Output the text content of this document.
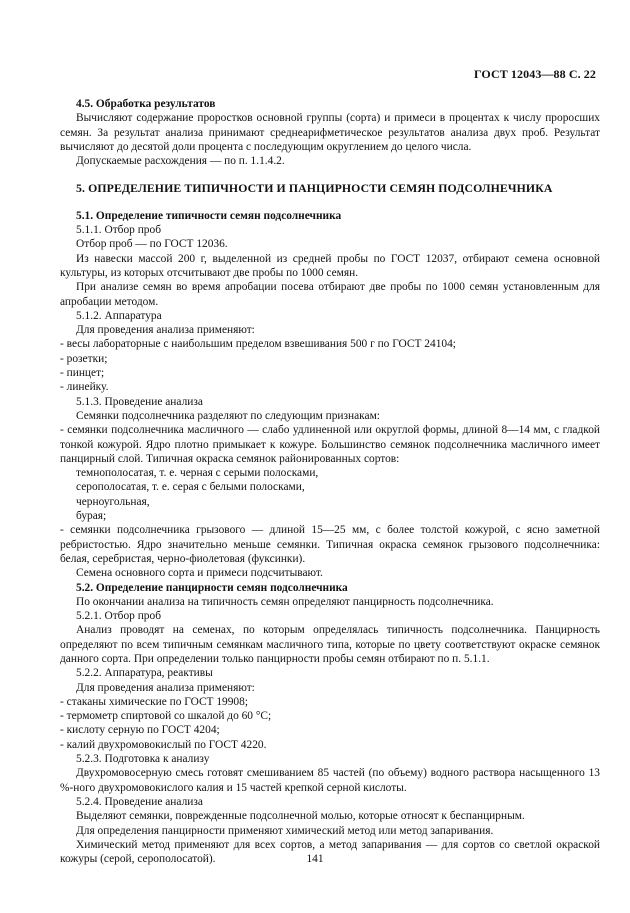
ГОСТ 12043—88 С. 22

4.5. Обработка результатов

Вычисляют содержание проростков основной группы (сорта) и примеси в процентах к числу проросших семян. За результат анализа принимают среднеарифметическое результатов анализа двух проб. Результат вычисляют до десятой доли процента с последующим округлением до целого числа.

Допускаемые расхождения — по п. 1.1.4.2.

5. ОПРЕДЕЛЕНИЕ ТИПИЧНОСТИ И ПАНЦИРНОСТИ СЕМЯН ПОДСОЛНЕЧНИКА

5.1. Определение типичности семян подсолнечника

5.1.1. Отбор проб

Отбор проб — по ГОСТ 12036.

Из навески массой 200 г, выделенной из средней пробы по ГОСТ 12037, отбирают семена основной культуры, из которых отсчитывают две пробы по 1000 семян.

При анализе семян во время апробации посева отбирают две пробы по 1000 семян установленным для апробации методом.

5.1.2. Аппаратура

Для проведения анализа применяют:

- весы лабораторные с наибольшим пределом взвешивания 500 г по ГОСТ 24104;

- розетки;

- пинцет;

- линейку.

5.1.3. Проведение анализа

Семянки подсолнечника разделяют по следующим признакам:

- семянки подсолнечника масличного — слабо удлиненной или округлой формы, длиной 8—14 мм, с гладкой тонкой кожурой. Ядро плотно примыкает к кожуре. Большинство семянок подсолнечника масличного имеет панцирный слой. Типичная окраска семянок районированных сортов:

темнополосатая, т. е. черная с серыми полосками,

серополосатая, т. е. серая с белыми полосками,

черноугольная,

бурая;

- семянки подсолнечника грызового — длиной 15—25 мм, с более толстой кожурой, с ясно заметной ребристостью. Ядро значительно меньше семянки. Типичная окраска семянок грызового подсолнечника: белая, серебристая, черно-фиолетовая (фуксинки).

Семена основного сорта и примеси подсчитывают.

5.2. Определение панцирности семян подсолнечника

По окончании анализа на типичность семян определяют панцирность подсолнечника.

5.2.1. Отбор проб

Анализ проводят на семенах, по которым определялась типичность подсолнечника. Панцирность определяют по всем типичным семянкам масличного типа, которые по цвету соответствуют окраске семянок данного сорта. При определении только панцирности пробы семян отбирают по п. 5.1.1.

5.2.2. Аппаратура, реактивы

Для проведения анализа применяют:

- стаканы химические по ГОСТ 19908;

- термометр спиртовой со шкалой до 60 °С;

- кислоту серную по ГОСТ 4204;

- калий двухромовокислый по ГОСТ 4220.

5.2.3. Подготовка к анализу

Двухромовосерную смесь готовят смешиванием 85 частей (по объему) водного раствора насыщенного 13 %-ного двухромовокислого калия и 15 частей крепкой серной кислоты.

5.2.4. Проведение анализа

Выделяют семянки, поврежденные подсолнечной молью, которые относят к беспанцирным.

Для определения панцирности применяют химический метод или метод запаривания.

Химический метод применяют для всех сортов, а метод запаривания — для сортов со светлой окраской кожуры (серой, серополосатой).	141
